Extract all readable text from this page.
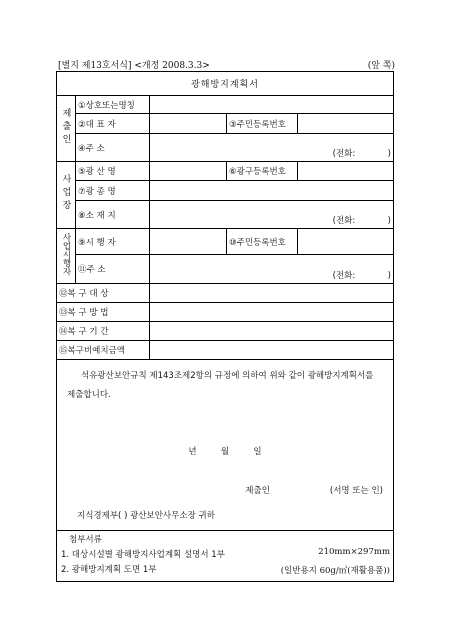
[별지 제13호서식] <개정 2008.3.3>	(앞 쪽)
광해방지계획서				
제출인	①상호또는명칭			
	②대 표 자		③주민등록번호	
	④주 소	(전화:            )		
사업장	⑤광 산 명		⑥광구등록번호	
	⑦광 종 명			
	⑧소 재 지	(전화:            )		
사업시행자	⑨시 행 자		⑩주민등록번호	
	⑪주 소	(전화:            )		
⑫복 구 대 상				
⑬복 구 방 법				
⑭복 구 기 간				
⑮복구비예치금액				

석유광산보안규칙 제143조제2항의 규정에 의하여 위와 같이 광해방지계획서를 제출합니다.
년         월         일
제출인 (서명 또는 인)
지식경제부( ) 광산보안사무소장 귀하				

첨부서류
1. 대상시설별 광해방지사업계획 설명서 1부
2. 광해방지계획 도면 1부				
210mm×297mm
(일반용지 60g/㎡(재활용품))
